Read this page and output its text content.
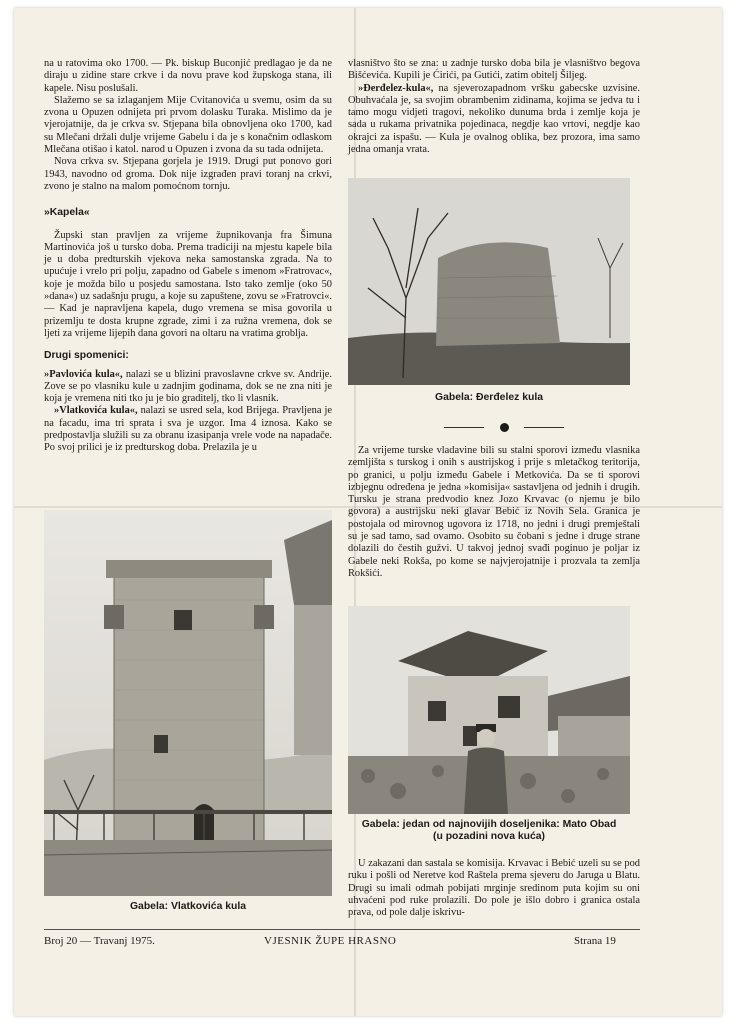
na u ratovima oko 1700. — Pk. biskup Buconjić predlagao je da ne diraju u zidine stare crkve i da novu prave kod župskoga stana, ili kapele. Nisu poslušali.

Slažemo se sa izlaganjem Mije Cvitanovića u svemu, osim da su zvona u Opuzen odnijeta pri prvom dolasku Turaka. Mislimo da je vjerojatnije, da je crkva sv. Stjepana bila obnovljena oko 1700, kad su Mlečani držali dulje vrijeme Gabelu i da je s konačnim odlaskom Mlečana otišao i katol. narod u Opuzen i zvona da su tada odnijeta.

Nova crkva sv. Stjepana gorjela je 1919. Drugi put ponovo gori 1943, navodno od groma. Dok nije izgrađen pravi toranj na crkvi, zvono je stalno na malom pomoćnom tornju.

»Kapela«

Župski stan pravljen za vrijeme župnikovanja fra Šimuna Martinovića još u tursko doba. Prema tradiciji na mjestu kapele bila je u doba predturskih vjekova neka samostanska zgrada. Na to upućuje i vrelo pri polju, zapadno od Gabele s imenom »Fratrovac«, koje je možda bilo u posjedu samostana. Isto tako zemlje (oko 50 »dana«) uz sadašnju prugu, a koje su zapuštene, zovu se »Fratrovci«. — Kad je napravljena kapela, dugo vremena se misa govorila u prizemlju te dosta krupne zgrade, zimi i za ružna vremena, dok se ljeti za vrijeme lijepih dana govori na oltaru na vratima groblja.

Drugi spomenici:

»Pavlovića kula«, nalazi se u blizini pravoslavne crkve sv. Andrije. Zove se po vlasniku kule u zadnjim godinama, dok se ne zna niti je koja je vremena niti tko ju je bio graditelj, tko li vlasnik.

»Vlatkovića kula«, nalazi se usred sela, kod Brijega. Pravljena je na facadu, ima tri sprata i sva je uzgor. Ima 4 iznosa. Kako se predpostavlja služili su za obranu izasipanja vrele vode na napadače. Po svoj prilici je iz predturskog doba. Prelazila je u

Gabela: Vlatkovića kula

vlasništvo što se zna: u zadnje tursko doba bila je vlasništvo begova Bišćevića. Kupili je Ćirići, pa Gutići, zatim obitelj Šiljeg.

»Đerđelez-kula«, na sjeverozapadnom vršku gabecske uzvisine. Obuhvaćala je, sa svojim obrambenim zidinama, kojima se jedva tu i tamo mogu vidjeti tragovi, nekoliko dunuma brda i zemlje koja je sada u rukama privatnika pojedinaca, negdje kao vrtovi, negdje kao okrajci za ispašu. — Kula je ovalnog oblika, bez prozora, ima samo jedna omanja vrata.

Gabela: Đerđelez kula

Za vrijeme turske vladavine bili su stalni sporovi između vlasnika zemljišta s turskog i onih s austrijskog i prije s mletačkog teritorija, po granici, u polju između Gabele i Metkovića. Da se ti sporovi izbjegnu određena je jedna »komisija« sastavljena od jednih i drugih. Tursku je strana predvodio knez Jozo Krvavac (o njemu je bilo govora) a austrijsku neki glavar Bebić iz Novih Sela. Granica je postojala od mirovnog ugovora iz 1718, no jedni i drugi premještali su je sad tamo, sad ovamo. Osobito su čobani s jedne i druge strane dolazili do čestih gužvi. U takvoj jednoj svađi poginuo je poljar iz Gabele neki Rokša, po kome se najvjerojatnije i prozvala ta zemlja Rokšići.

Gabela: jedan od najnovijih doseljenika: Mato Obad
(u pozadini nova kuća)

U zakazani dan sastala se komisija. Krvavac i Bebić uzeli su se pod ruku i pošli od Neretve kod Raštela prema sjeveru do Jaruga u Blatu. Drugi su imali odmah pobijati mrginje sredinom puta kojim su oni uhvaćeni pod ruke prolazili. Do pole je išlo dobro i granica ostala prava, od pole dalje iskrivu-

Broj 20 — Travanj 1975.	VJESNIK ŽUPE HRASNO	Strana 19
